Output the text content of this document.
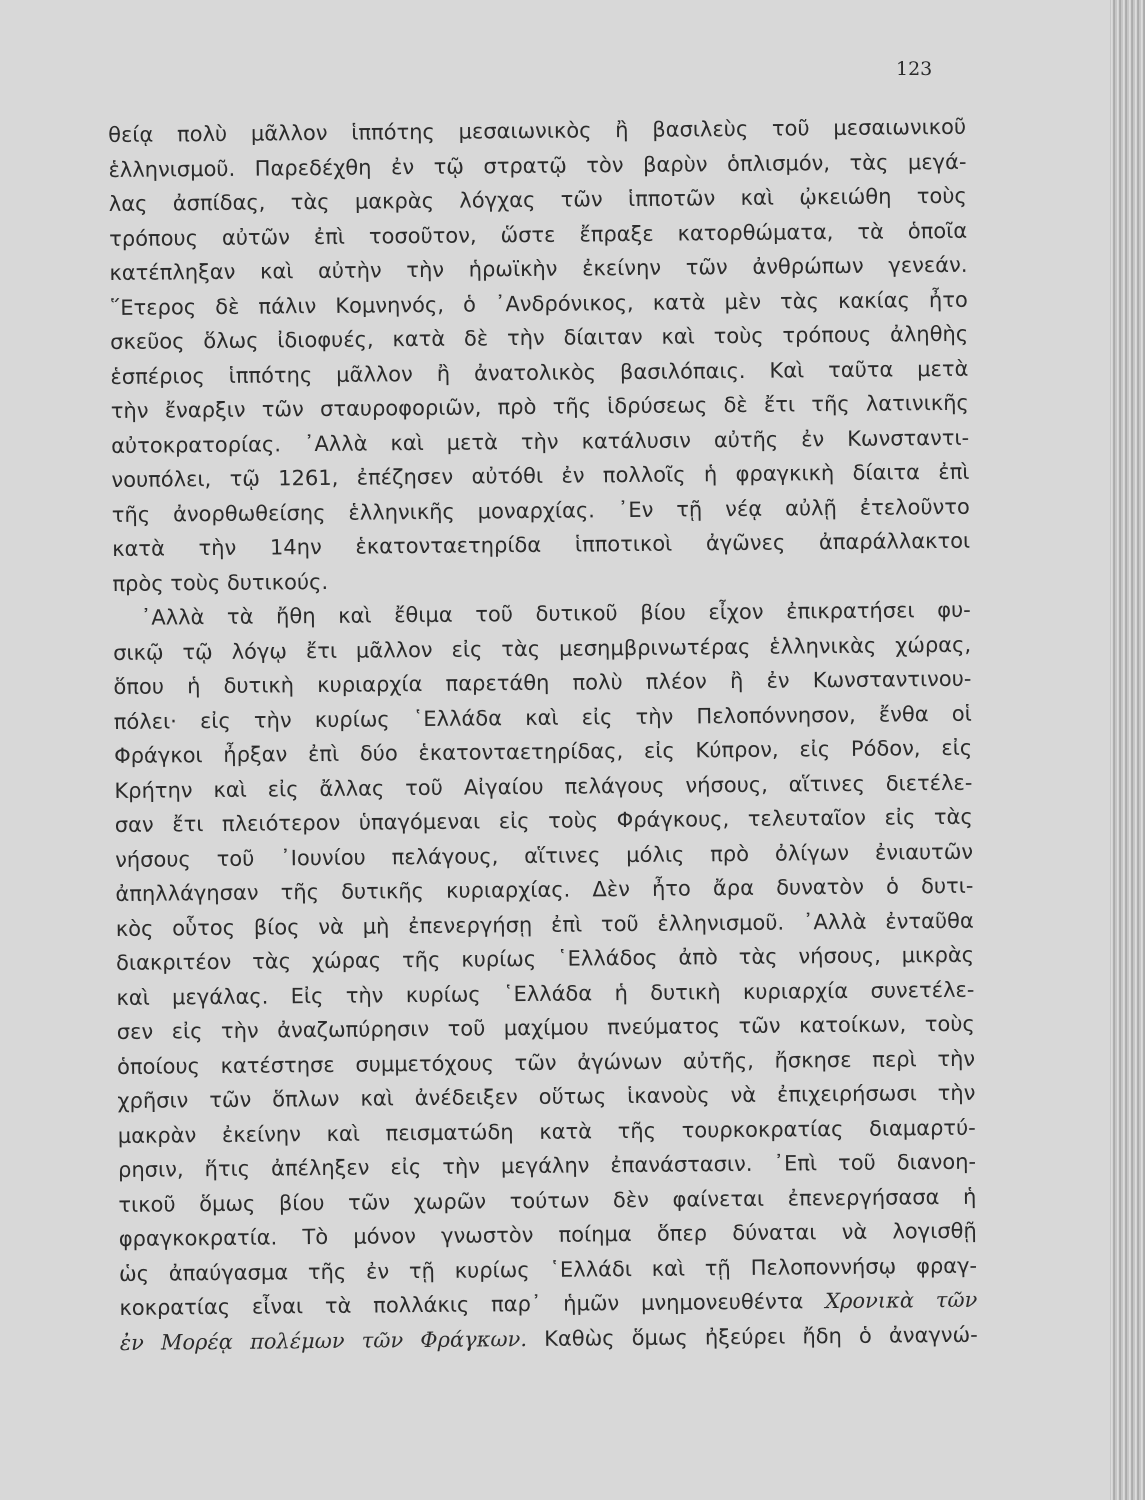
123
θείᾳ πολὺ μᾶλλον ἱππότης μεσαιωνικὸς ἢ βασιλεὺς τοῦ μεσαιωνικοῦ
ἑλληνισμοῦ. Παρεδέχθη ἐν τῷ στρατῷ τὸν βαρὺν ὁπλισμόν, τὰς μεγά-
λας ἀσπίδας, τὰς μακρὰς λόγχας τῶν ἱπποτῶν καὶ ᾠκειώθη τοὺς
τρόπους αὐτῶν ἐπὶ τοσοῦτον, ὥστε ἔπραξε κατορθώματα, τὰ ὁποῖα
κατέπληξαν καὶ αὐτὴν τὴν ἡρωϊκὴν ἐκείνην τῶν ἀνθρώπων γενεάν.
῞Ετερος δὲ πάλιν Κομνηνός, ὁ ᾿Ανδρόνικος, κατὰ μὲν τὰς κακίας ἦτο
σκεῦος ὅλως ἰδιοφυές, κατὰ δὲ τὴν δίαιταν καὶ τοὺς τρόπους ἀληθὴς
ἑσπέριος ἱππότης μᾶλλον ἢ ἀνατολικὸς βασιλόπαις. Καὶ ταῦτα μετὰ
τὴν ἔναρξιν τῶν σταυροφοριῶν, πρὸ τῆς ἱδρύσεως δὲ ἔτι τῆς λατινικῆς
αὐτοκρατορίας. ᾿Αλλὰ καὶ μετὰ τὴν κατάλυσιν αὐτῆς ἐν Κωνσταντι-
νουπόλει, τῷ 1261, ἐπέζησεν αὐτόθι ἐν πολλοῖς ἡ φραγκικὴ δίαιτα ἐπὶ
τῆς ἀνορθωθείσης ἑλληνικῆς μοναρχίας. ᾿Εν τῇ νέᾳ αὐλῇ ἐτελοῦντο
κατὰ τὴν 14ην ἑκατονταετηρίδα ἱπποτικοὶ ἀγῶνες ἀπαράλλακτοι
πρὸς τοὺς δυτικούς.
᾿Αλλὰ τὰ ἤθη καὶ ἔθιμα τοῦ δυτικοῦ βίου εἶχον ἐπικρατήσει φυ-
σικῷ τῷ λόγῳ ἔτι μᾶλλον εἰς τὰς μεσημβρινωτέρας ἑλληνικὰς χώρας,
ὅπου ἡ δυτικὴ κυριαρχία παρετάθη πολὺ πλέον ἢ ἐν Κωνσταντινου-
πόλει· εἰς τὴν κυρίως ῾Ελλάδα καὶ εἰς τὴν Πελοπόννησον, ἔνθα οἱ
Φράγκοι ἦρξαν ἐπὶ δύο ἑκατονταετηρίδας, εἰς Κύπρον, εἰς Ρόδον, εἰς
Κρήτην καὶ εἰς ἄλλας τοῦ Αἰγαίου πελάγους νήσους, αἵτινες διετέλε-
σαν ἔτι πλειότερον ὑπαγόμεναι εἰς τοὺς Φράγκους, τελευταῖον εἰς τὰς
νήσους τοῦ ᾿Ιουνίου πελάγους, αἵτινες μόλις πρὸ ὀλίγων ἐνιαυτῶν
ἀπηλλάγησαν τῆς δυτικῆς κυριαρχίας. Δὲν ἦτο ἄρα δυνατὸν ὁ δυτι-
κὸς οὗτος βίος νὰ μὴ ἐπενεργήσῃ ἐπὶ τοῦ ἑλληνισμοῦ. ᾿Αλλὰ ἐνταῦθα
διακριτέον τὰς χώρας τῆς κυρίως ῾Ελλάδος ἀπὸ τὰς νήσους, μικρὰς
καὶ μεγάλας. Εἰς τὴν κυρίως ῾Ελλάδα ἡ δυτικὴ κυριαρχία συνετέλε-
σεν εἰς τὴν ἀναζωπύρησιν τοῦ μαχίμου πνεύματος τῶν κατοίκων, τοὺς
ὁποίους κατέστησε συμμετόχους τῶν ἀγώνων αὐτῆς, ἤσκησε περὶ τὴν
χρῆσιν τῶν ὅπλων καὶ ἀνέδειξεν οὕτως ἱκανοὺς νὰ ἐπιχειρήσωσι τὴν
μακρὰν ἐκείνην καὶ πεισματώδη κατὰ τῆς τουρκοκρατίας διαμαρτύ-
ρησιν, ἥτις ἀπέληξεν εἰς τὴν μεγάλην ἐπανάστασιν. ᾿Επὶ τοῦ διανοη-
τικοῦ ὅμως βίου τῶν χωρῶν τούτων δὲν φαίνεται ἐπενεργήσασα ἡ
φραγκοκρατία. Τὸ μόνον γνωστὸν ποίημα ὅπερ δύναται νὰ λογισθῇ
ὡς ἀπαύγασμα τῆς ἐν τῇ κυρίως ῾Ελλάδι καὶ τῇ Πελοποννήσῳ φραγ-
κοκρατίας εἶναι τὰ πολλάκις παρ᾿ ἡμῶν μνημονευθέντα Χρονικὰ τῶν
ἐν Μορέᾳ πολέμων τῶν Φράγκων. Καθὼς ὅμως ἠξεύρει ἤδη ὁ ἀναγνώ-
